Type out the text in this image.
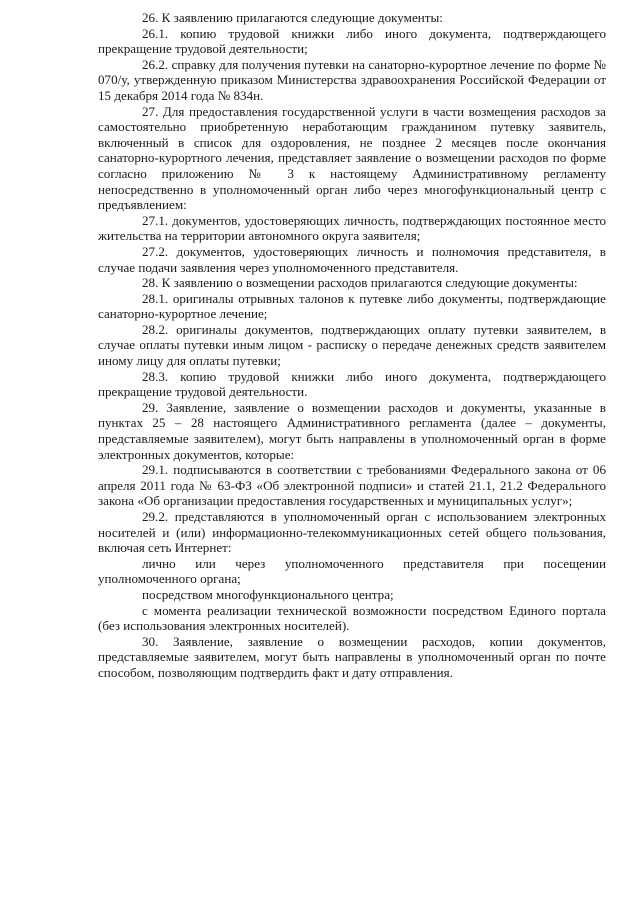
26. К заявлению прилагаются следующие документы:

26.1. копию трудовой книжки либо иного документа, подтверждающего прекращение трудовой деятельности;

26.2. справку для получения путевки на санаторно-курортное лечение по форме № 070/у, утвержденную приказом Министерства здравоохранения Российской Федерации от 15 декабря 2014 года № 834н.

27. Для предоставления государственной услуги в части возмещения расходов за самостоятельно приобретенную неработающим гражданином путевку заявитель, включенный в список для оздоровления, не позднее 2 месяцев после окончания санаторно-курортного лечения, представляет заявление о возмещении расходов по форме согласно приложению № 3 к настоящему Административному регламенту непосредственно в уполномоченный орган либо через многофункциональный центр с предъявлением:

27.1. документов, удостоверяющих личность, подтверждающих постоянное место жительства на территории автономного округа заявителя;

27.2. документов, удостоверяющих личность и полномочия представителя, в случае подачи заявления через уполномоченного представителя.

28. К заявлению о возмещении расходов прилагаются следующие документы:

28.1. оригиналы отрывных талонов к путевке либо документы, подтверждающие санаторно-курортное лечение;

28.2. оригиналы документов, подтверждающих оплату путевки заявителем, в случае оплаты путевки иным лицом - расписку о передаче денежных средств заявителем иному лицу для оплаты путевки;

28.3. копию трудовой книжки либо иного документа, подтверждающего прекращение трудовой деятельности.

29. Заявление, заявление о возмещении расходов и документы, указанные в пунктах 25 – 28 настоящего Административного регламента (далее – документы, представляемые заявителем), могут быть направлены в уполномоченный орган в форме электронных документов, которые:

29.1. подписываются в соответствии с требованиями Федерального закона от 06 апреля 2011 года № 63-ФЗ «Об электронной подписи» и статей 21.1, 21.2 Федерального закона «Об организации предоставления государственных и муниципальных услуг»;

29.2. представляются в уполномоченный орган с использованием электронных носителей и (или) информационно-телекоммуникационных сетей общего пользования, включая сеть Интернет:

лично или через уполномоченного представителя при посещении уполномоченного органа;

посредством многофункционального центра;

с момента реализации технической возможности посредством Единого портала (без использования электронных носителей).

30. Заявление, заявление о возмещении расходов, копии документов, представляемые заявителем, могут быть направлены в уполномоченный орган по почте способом, позволяющим подтвердить факт и дату отправления.
